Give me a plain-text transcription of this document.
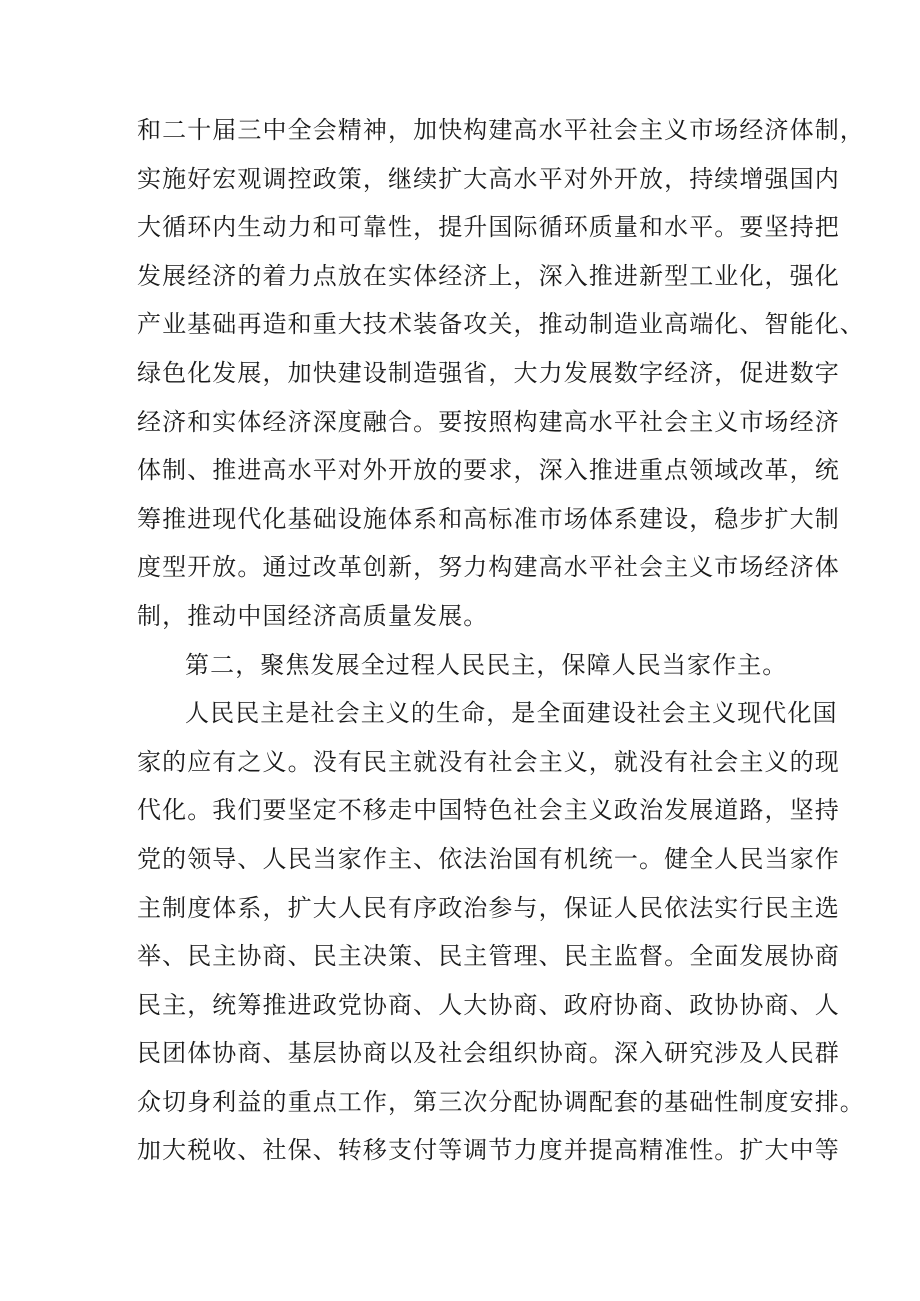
和二十届三中全会精神，加快构建高水平社会主义市场经济体制，
实施好宏观调控政策，继续扩大高水平对外开放，持续增强国内
大循环内生动力和可靠性，提升国际循环质量和水平。要坚持把
发展经济的着力点放在实体经济上，深入推进新型工业化，强化
产业基础再造和重大技术装备攻关，推动制造业高端化、智能化、
绿色化发展，加快建设制造强省，大力发展数字经济，促进数字
经济和实体经济深度融合。要按照构建高水平社会主义市场经济
体制、推进高水平对外开放的要求，深入推进重点领域改革，统
筹推进现代化基础设施体系和高标准市场体系建设，稳步扩大制
度型开放。通过改革创新，努力构建高水平社会主义市场经济体
制，推动中国经济高质量发展。
第二，聚焦发展全过程人民民主，保障人民当家作主。
人民民主是社会主义的生命，是全面建设社会主义现代化国
家的应有之义。没有民主就没有社会主义，就没有社会主义的现
代化。我们要坚定不移走中国特色社会主义政治发展道路，坚持
党的领导、人民当家作主、依法治国有机统一。健全人民当家作
主制度体系，扩大人民有序政治参与，保证人民依法实行民主选
举、民主协商、民主决策、民主管理、民主监督。全面发展协商
民主，统筹推进政党协商、人大协商、政府协商、政协协商、人
民团体协商、基层协商以及社会组织协商。深入研究涉及人民群
众切身利益的重点工作，第三次分配协调配套的基础性制度安排。
加大税收、社保、转移支付等调节力度并提高精准性。扩大中等
